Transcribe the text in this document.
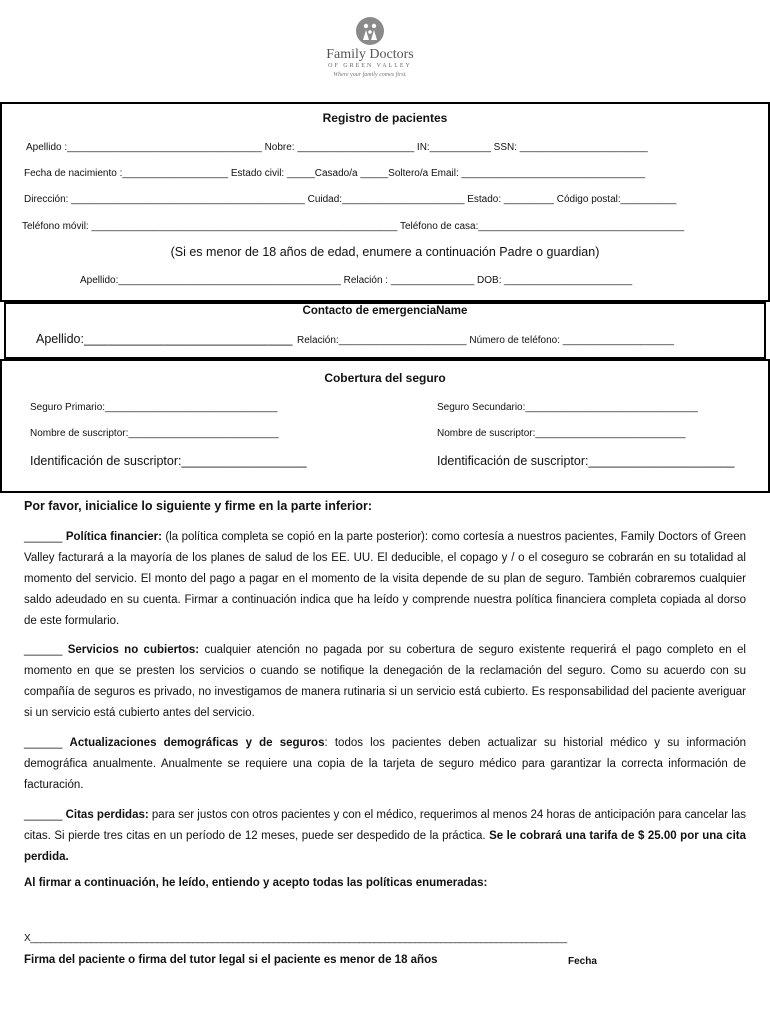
Family Doctors
OF GREEN VALLEY
Where your family comes first.
Registro de pacientes
Apellido :___________________________________ Nobre: _____________________ IN:___________ SSN: _______________________
Fecha de nacimiento :___________________ Estado civil: _____Casado/a _____Soltero/a Email: _________________________________
Dirección: __________________________________________ Cuidad:______________________ Estado: _________ Código postal:__________
Teléfono móvil: _______________________________________________________ Teléfono de casa:_____________________________________
(Si es menor de 18 años de edad, enumere a continuación Padre o guardian)
Apellido:________________________________________ Relación : _______________ DOB: _______________________
Contacto de emergenciaName
Apellido:______________________________ Relación:_______________________ Número de teléfono: ____________________
Cobertura del seguro
Seguro Primario:_______________________________	Seguro Secundario:_______________________________
Nombre de suscriptor:___________________________	Nombre de suscriptor:___________________________
Identificación de suscriptor:__________________	Identificación de suscriptor:_____________________
Por favor, inicialice lo siguiente y firme en la parte inferior:
______ Política financier: (la política completa se copió en la parte posterior): como cortesía a nuestros pacientes, Family Doctors of Green Valley facturará a la mayoría de los planes de salud de los EE. UU. El deducible, el copago y / o el coseguro se cobrarán en su totalidad al momento del servicio. El monto del pago a pagar en el momento de la visita depende de su plan de seguro. También cobraremos cualquier saldo adeudado en su cuenta. Firmar a continuación indica que ha leído y comprende nuestra política financiera completa copiada al dorso de este formulario.
______ Servicios no cubiertos: cualquier atención no pagada por su cobertura de seguro existente requerirá el pago completo en el momento en que se presten los servicios o cuando se notifique la denegación de la reclamación del seguro. Como su acuerdo con su compañía de seguros es privado, no investigamos de manera rutinaria si un servicio está cubierto. Es responsabilidad del paciente averiguar si un servicio está cubierto antes del servicio.
______ Actualizaciones demográficas y de seguros: todos los pacientes deben actualizar su historial médico y su información demográfica anualmente. Anualmente se requiere una copia de la tarjeta de seguro médico para garantizar la correcta información de facturación.
______ Citas perdidas: para ser justos con otros pacientes y con el médico, requerimos al menos 24 horas de anticipación para cancelar las citas. Si pierde tres citas en un período de 12 meses, puede ser despedido de la práctica. Se le cobrará una tarifa de $ 25.00 por una cita perdida.
Al firmar a continuación, he leído, entiendo y acepto todas las políticas enumeradas:
X__________________________________________________________________________________________________________
Firma del paciente o firma del tutor legal si el paciente es menor de 18 años	Fecha
